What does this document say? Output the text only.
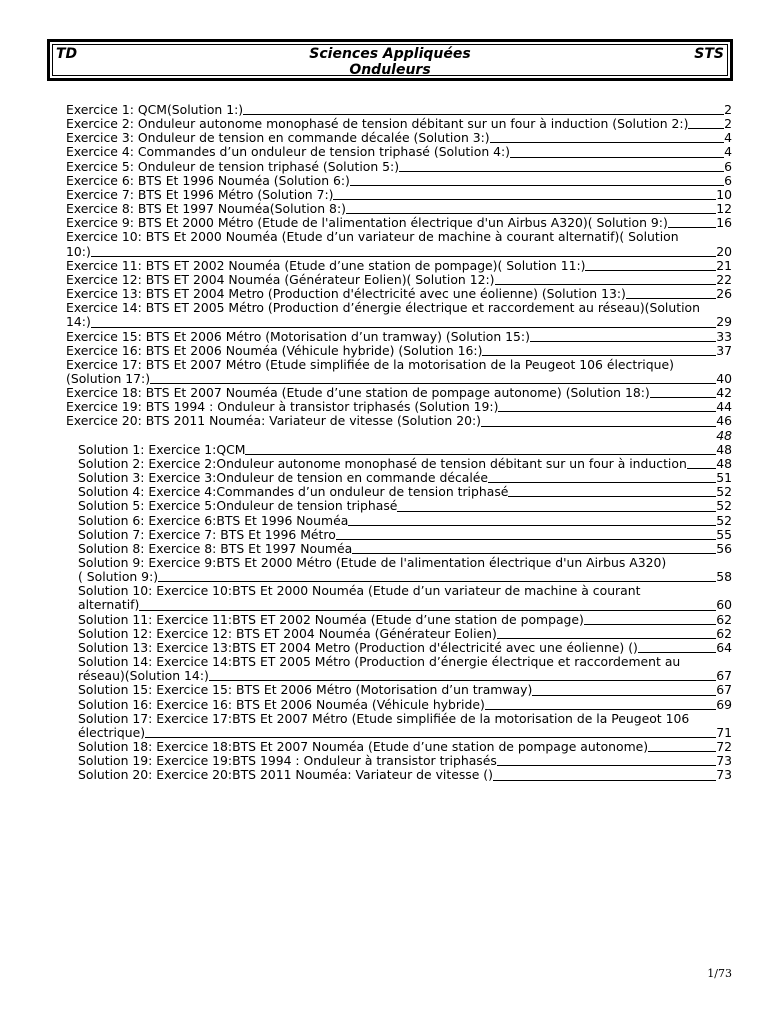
TD	Sciences Appliquées	STS
Onduleurs
Exercice 1: QCM(Solution 1:)	2
Exercice 2: Onduleur autonome monophasé de tension débitant sur un four à induction (Solution 2:)	2
Exercice 3: Onduleur de tension en commande décalée (Solution 3:)	4
Exercice 4: Commandes d’un onduleur de tension triphasé (Solution 4:)	4
Exercice 5: Onduleur de tension triphasé (Solution 5:)	6
Exercice 6: BTS Et 1996 Nouméa (Solution 6:)	6
Exercice 7: BTS Et 1996 Métro (Solution 7:)	10
Exercice 8: BTS Et 1997 Nouméa(Solution 8:)	12
Exercice 9: BTS Et 2000 Métro (Etude de l'alimentation électrique d'un Airbus A320)( Solution 9:)	16
Exercice 10: BTS Et 2000 Nouméa (Etude d’un variateur de machine à courant alternatif)( Solution
10:)	20
Exercice 11: BTS ET 2002 Nouméa (Etude d’une station de pompage)( Solution 11:)	21
Exercice 12: BTS ET 2004 Nouméa (Générateur Eolien)( Solution 12:)	22
Exercice 13: BTS ET 2004 Metro (Production d'électricité avec une éolienne) (Solution 13:)	26
Exercice 14: BTS ET 2005 Métro (Production d’énergie électrique et raccordement au réseau)(Solution
14:)	29
Exercice 15: BTS Et 2006 Métro (Motorisation d’un tramway) (Solution 15:)	33
Exercice 16: BTS Et 2006 Nouméa (Véhicule hybride) (Solution 16:)	37
Exercice 17: BTS Et 2007 Métro (Etude simplifiée de la motorisation de la Peugeot 106 électrique)
(Solution 17:)	40
Exercice 18: BTS Et 2007 Nouméa (Etude d’une station de pompage autonome) (Solution 18:)	42
Exercice 19: BTS 1994 : Onduleur à transistor triphasés (Solution 19:)	44
Exercice 20: BTS 2011 Nouméa: Variateur de vitesse (Solution 20:)	46
48
Solution 1: Exercice 1:QCM	48
Solution 2: Exercice 2:Onduleur autonome monophasé de tension débitant sur un four à induction 48
Solution 3: Exercice 3:Onduleur de tension en commande décalée	51
Solution 4: Exercice 4:Commandes d’un onduleur de tension triphasé	52
Solution 5: Exercice 5:Onduleur de tension triphasé	52
Solution 6: Exercice 6:BTS Et 1996 Nouméa	52
Solution 7: Exercice 7: BTS Et 1996 Métro	55
Solution 8: Exercice 8: BTS Et 1997 Nouméa	56
Solution 9: Exercice 9:BTS Et 2000 Métro (Etude de l'alimentation électrique d'un Airbus A320)
( Solution 9:)	58
Solution 10: Exercice 10:BTS Et 2000 Nouméa (Etude d’un variateur de machine à courant
alternatif)	60
Solution 11: Exercice 11:BTS ET 2002 Nouméa (Etude d’une station de pompage)	62
Solution 12: Exercice 12: BTS ET 2004 Nouméa (Générateur Eolien)	62
Solution 13: Exercice 13:BTS ET 2004 Metro (Production d'électricité avec une éolienne) ()	64
Solution 14: Exercice 14:BTS ET 2005 Métro (Production d’énergie électrique et raccordement au
réseau)(Solution 14:)	67
Solution 15: Exercice 15: BTS Et 2006 Métro (Motorisation d’un tramway)	67
Solution 16: Exercice 16: BTS Et 2006 Nouméa (Véhicule hybride)	69
Solution 17: Exercice 17:BTS Et 2007 Métro (Etude simplifiée de la motorisation de la Peugeot 106
électrique)	71
Solution 18: Exercice 18:BTS Et 2007 Nouméa (Etude d’une station de pompage autonome)	72
Solution 19: Exercice 19:BTS 1994 : Onduleur à transistor triphasés	73
Solution 20: Exercice 20:BTS 2011 Nouméa: Variateur de vitesse ()	73
1/73
